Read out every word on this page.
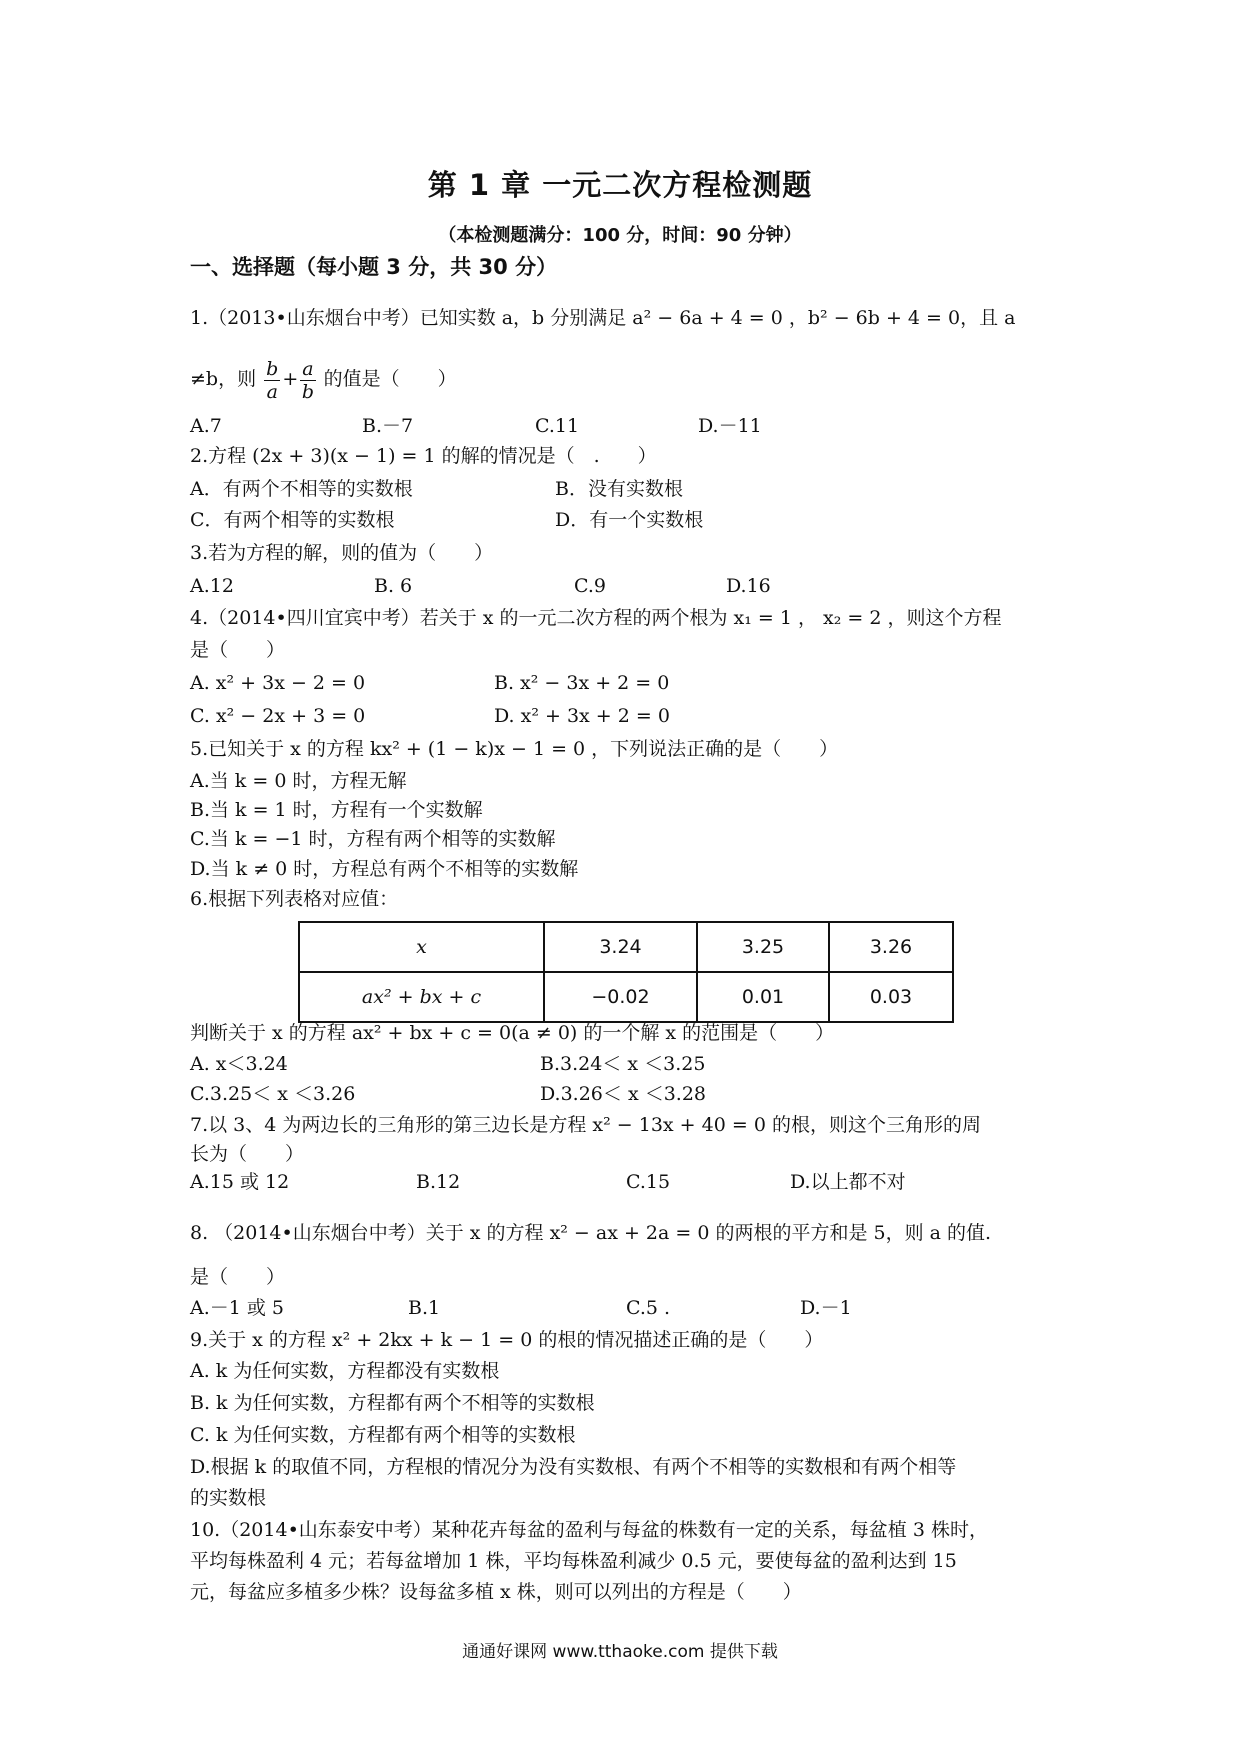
第 1 章 一元二次方程检测题
（本检测题满分：100 分，时间：90 分钟）
一、选择题（每小题 3 分，共 30 分）
1.（2013•山东烟台中考）已知实数 a，b 分别满足 a² − 6a + 4 = 0 ，b² − 6b + 4 = 0，且 a
≠b，则 $\frac{b}{a} + \frac{a}{b}$ 的值是（　　）
A.7	B.－7	C.11	D.－11
2.方程 (2x + 3)(x − 1) = 1 的解的情况是（　.　　）
A．有两个不相等的实数根	B．没有实数根
C．有两个相等的实数根	D．有一个实数根
3.若为方程的解，则的值为（　　）
A.12	B. 6	C.9	D.16
4.（2014•四川宜宾中考）若关于 x 的一元二次方程的两个根为 x₁ = 1 ， x₂ = 2 ，则这个方程
是（　　）
A. x² + 3x − 2 = 0	B. x² − 3x + 2 = 0
C. x² − 2x + 3 = 0	D. x² + 3x + 2 = 0
5.已知关于 x 的方程 kx² + (1 − k)x − 1 = 0 ，下列说法正确的是（　　）
A.当 k = 0 时，方程无解
B.当 k = 1 时，方程有一个实数解
C.当 k = −1 时，方程有两个相等的实数解
D.当 k ≠ 0 时，方程总有两个不相等的实数解
6.根据下列表格对应值：
x	3.24	3.25	3.26
ax² + bx + c	−0.02	0.01	0.03
判断关于 x 的方程 ax² + bx + c = 0(a ≠ 0) 的一个解 x 的范围是（　　）
A. x＜3.24	B.3.24＜ x ＜3.25
C.3.25＜ x ＜3.26	D.3.26＜ x ＜3.28
7.以 3、4 为两边长的三角形的第三边长是方程 x² − 13x + 40 = 0 的根，则这个三角形的周
长为（　　）
A.15 或 12	B.12	C.15	D.以上都不对
8. （2014•山东烟台中考）关于 x 的方程 x² − ax + 2a = 0 的两根的平方和是 5，则 a 的值.
是（　　）
A.－1 或 5	B.1	C.5 .	D.－1
9.关于 x 的方程 x² + 2kx + k − 1 = 0 的根的情况描述正确的是（　　）
A. k 为任何实数，方程都没有实数根
B. k 为任何实数，方程都有两个不相等的实数根
C. k 为任何实数，方程都有两个相等的实数根
D.根据 k 的取值不同，方程根的情况分为没有实数根、有两个不相等的实数根和有两个相等
的实数根
10.（2014•山东泰安中考）某种花卉每盆的盈利与每盆的株数有一定的关系，每盆植 3 株时，
平均每株盈利 4 元；若每盆增加 1 株，平均每株盈利减少 0.5 元，要使每盆的盈利达到 15
元，每盆应多植多少株？设每盆多植 x 株，则可以列出的方程是（　　）
通通好课网 www.tthaoke.com 提供下载
